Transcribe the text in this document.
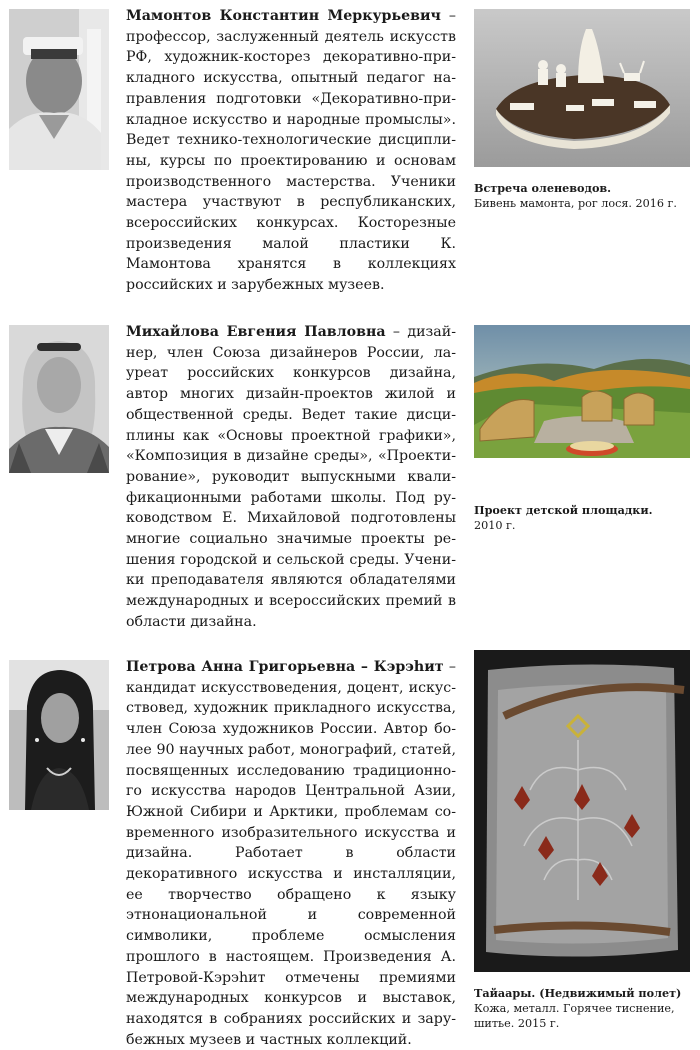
Мамонтов Константин Меркурьевич – профессор, заслуженный деятель искусств РФ, художник-косторез декоративно-прикладного искусства, опытный педагог направления подготовки «Декоративно-прикладное искусство и народные промыслы». Ведет технико-технологические дисциплины, курсы по проектированию и основам производственного мастерства. Ученики мастера участвуют в республиканских, всероссийских конкурсах. Косторезные произведения малой пластики К. Мамонтова хранятся в коллекциях российских и зарубежных музеев.

Встреча оленеводов.
Бивень мамонта, рог лося. 2016 г.

Михайлова Евгения Павловна – дизайнер, член Союза дизайнеров России, лауреат российских конкурсов дизайна, автор многих дизайн-проектов жилой и общественной среды. Ведет такие дисциплины как «Основы проектной графики», «Композиция в дизайне среды», «Проектирование», руководит выпускными квалификационными работами школы. Под руководством Е. Михайловой подготовлены многие социально значимые проекты решения городской и сельской среды. Ученики преподавателя являются обладателями международных и всероссийских премий в области дизайна.

Проект детской площадки.
2010 г.

Петрова Анна Григорьевна – Кэрэһит – кандидат искусствоведения, доцент, искусствовед, художник прикладного искусства, член Союза художников России. Автор более 90 научных работ, монографий, статей, посвященных исследованию традиционного искусства народов Центральной Азии, Южной Сибири и Арктики, проблемам современного изобразительного искусства и дизайна. Работает в области декоративного искусства и инсталляции, ее творчество обращено к языку этнонациональной и современной символики, проблеме осмысления прошлого в настоящем. Произведения А. Петровой-Кэрэһит отмечены премиями международных конкурсов и выставок, находятся в собраниях российских и зарубежных музеев и частных коллекций.

Тайаары. (Недвижимый полет)
Кожа, металл. Горячее тиснение, шитье. 2015 г.
